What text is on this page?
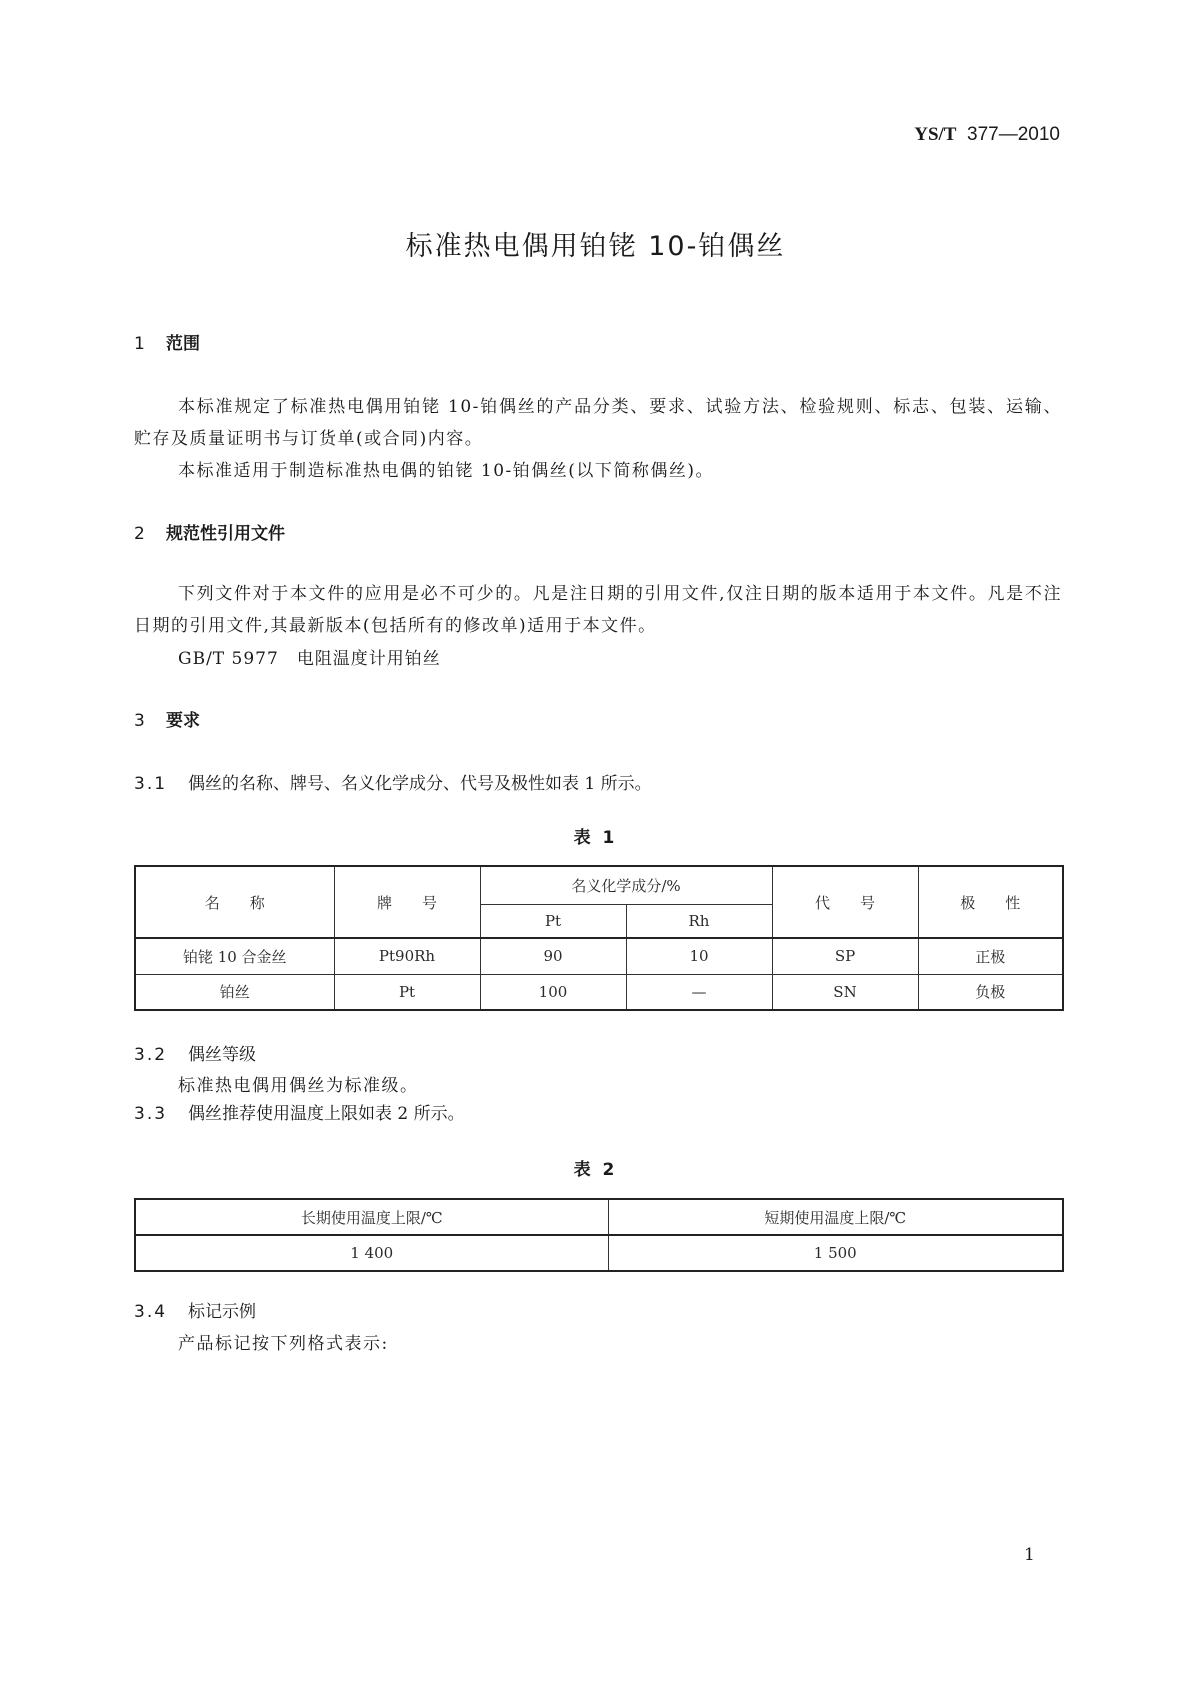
YS/T 377—2010
标准热电偶用铂铑 10-铂偶丝
1 范围
本标准规定了标准热电偶用铂铑 10-铂偶丝的产品分类、要求、试验方法、检验规则、标志、包装、运输、贮存及质量证明书与订货单(或合同)内容。
本标准适用于制造标准热电偶的铂铑 10-铂偶丝(以下简称偶丝)。
2 规范性引用文件
下列文件对于本文件的应用是必不可少的。凡是注日期的引用文件,仅注日期的版本适用于本文件。凡是不注日期的引用文件,其最新版本(包括所有的修改单)适用于本文件。
GB/T 5977 电阻温度计用铂丝
3 要求
3.1 偶丝的名称、牌号、名义化学成分、代号及极性如表 1 所示。
表 1
名称	牌号	名义化学成分/%		代号	极性
		Pt	Rh		
铂铑 10 合金丝	Pt90Rh	90	10	SP	正极
铂丝	Pt	100	—	SN	负极
3.2 偶丝等级
标准热电偶用偶丝为标准级。
3.3 偶丝推荐使用温度上限如表 2 所示。
表 2
长期使用温度上限/℃	短期使用温度上限/℃
1 400	1 500
3.4 标记示例
产品标记按下列格式表示:
1
